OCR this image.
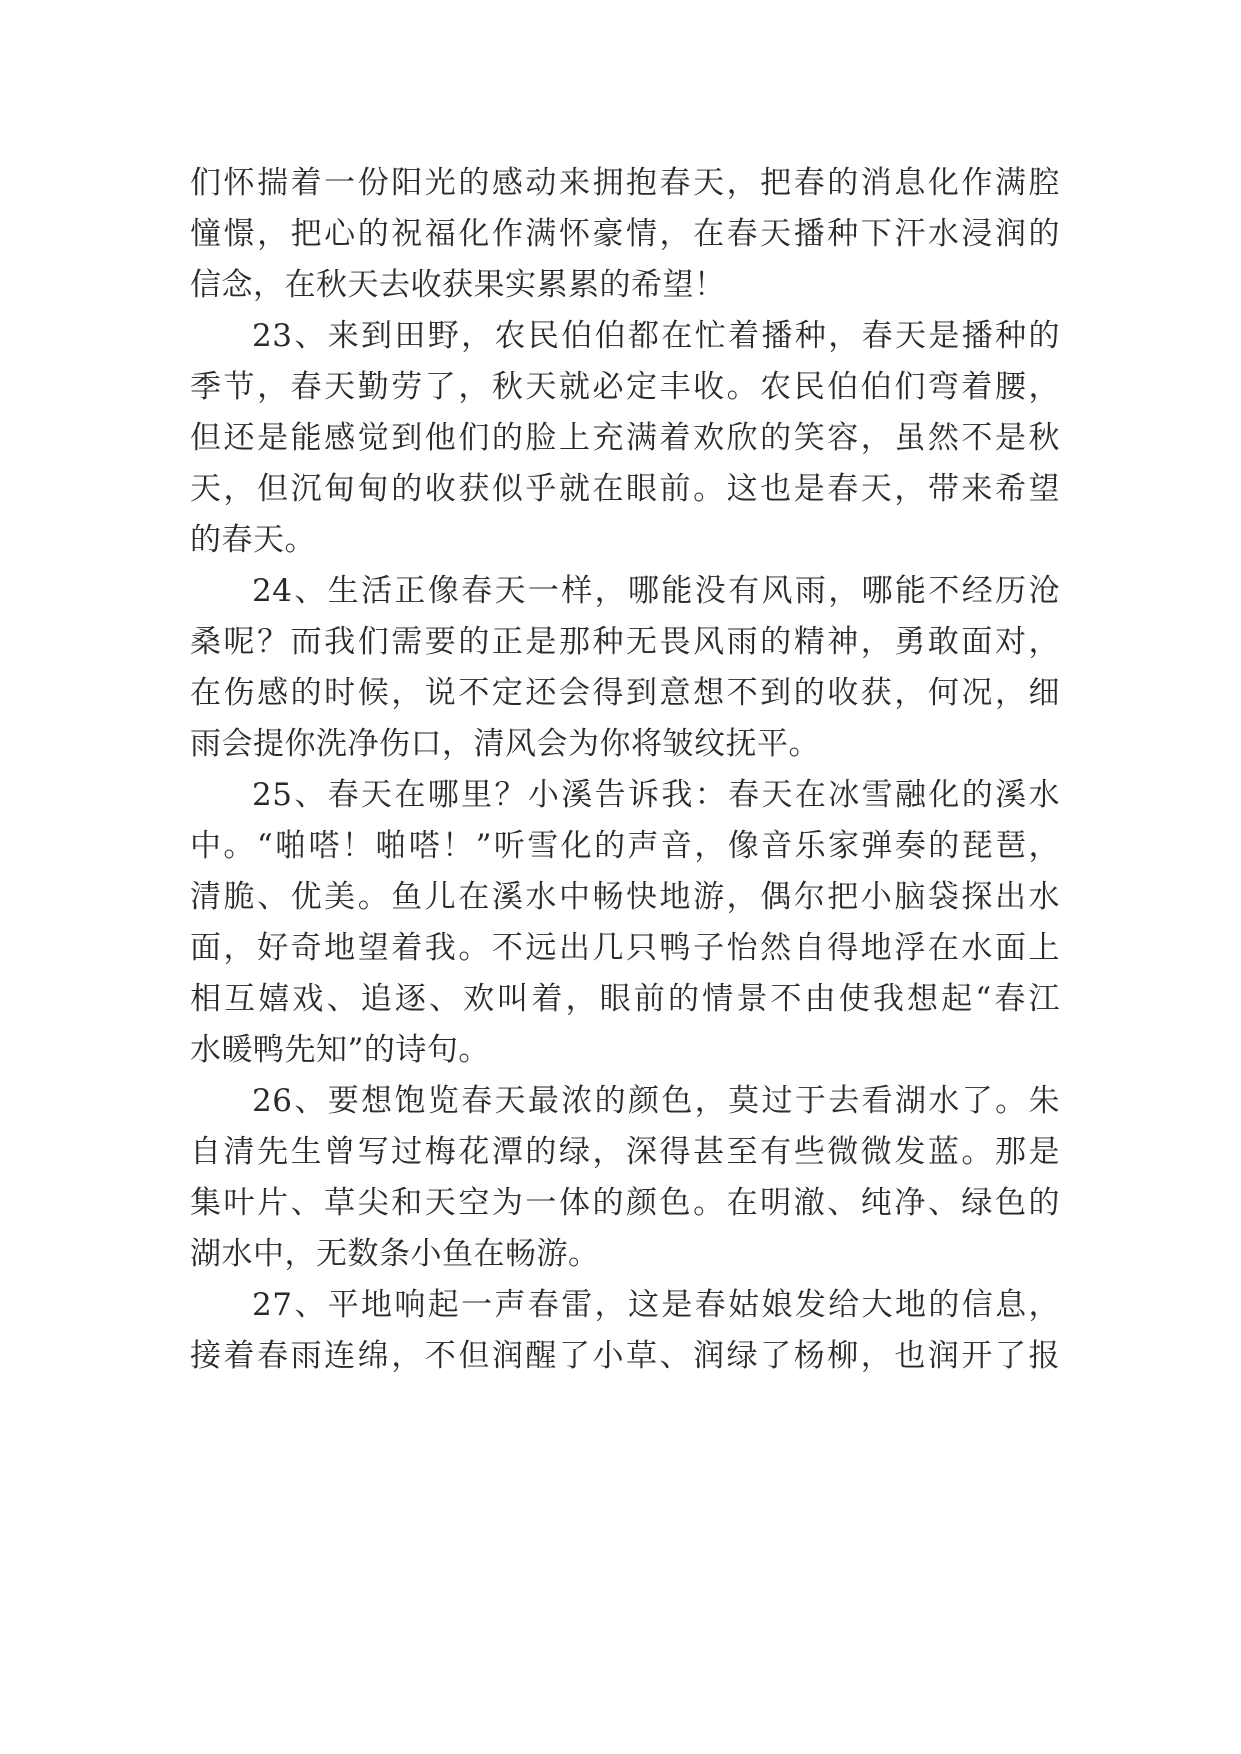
们怀揣着一份阳光的感动来拥抱春天，把春的消息化作满腔

憧憬，把心的祝福化作满怀豪情，在春天播种下汗水浸润的

信念，在秋天去收获果实累累的希望！

23、来到田野，农民伯伯都在忙着播种，春天是播种的

季节，春天勤劳了，秋天就必定丰收。农民伯伯们弯着腰，

但还是能感觉到他们的脸上充满着欢欣的笑容，虽然不是秋

天，但沉甸甸的收获似乎就在眼前。这也是春天，带来希望

的春天。

24、生活正像春天一样，哪能没有风雨，哪能不经历沧

桑呢？而我们需要的正是那种无畏风雨的精神，勇敢面对，

在伤感的时候，说不定还会得到意想不到的收获，何况，细

雨会提你洗净伤口，清风会为你将皱纹抚平。

25、春天在哪里？小溪告诉我：春天在冰雪融化的溪水

中。“啪嗒！啪嗒！”听雪化的声音，像音乐家弹奏的琵琶，

清脆、优美。鱼儿在溪水中畅快地游，偶尔把小脑袋探出水

面，好奇地望着我。不远出几只鸭子怡然自得地浮在水面上

相互嬉戏、追逐、欢叫着，眼前的情景不由使我想起“春江

水暖鸭先知”的诗句。

26、要想饱览春天最浓的颜色，莫过于去看湖水了。朱

自清先生曾写过梅花潭的绿，深得甚至有些微微发蓝。那是

集叶片、草尖和天空为一体的颜色。在明澈、纯净、绿色的

湖水中，无数条小鱼在畅游。

27、平地响起一声春雷，这是春姑娘发给大地的信息，

接着春雨连绵，不但润醒了小草、润绿了杨柳，也润开了报
